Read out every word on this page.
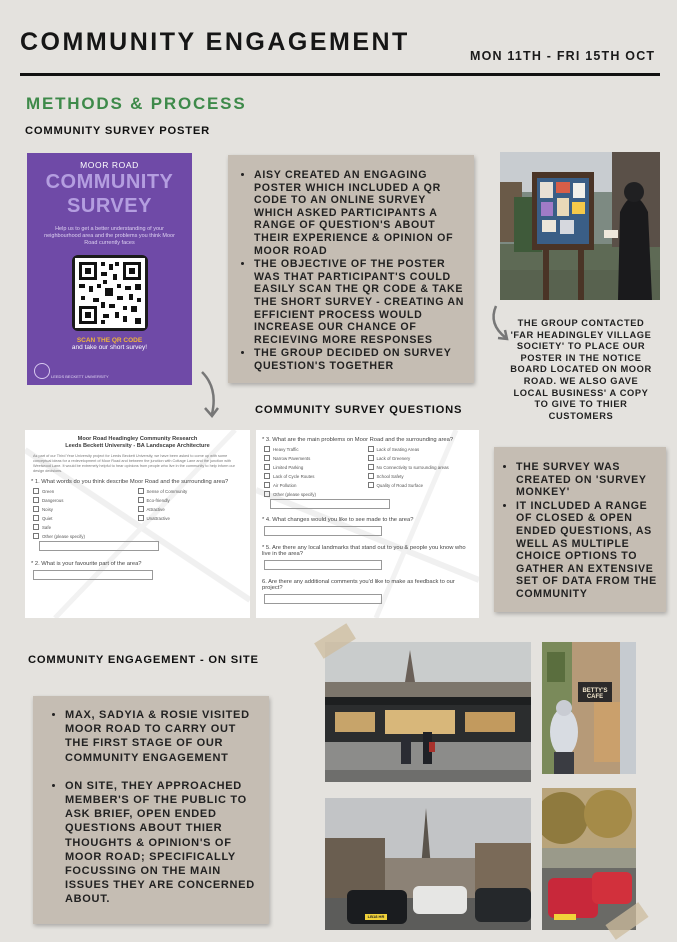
COMMUNITY ENGAGEMENT	MON 11TH - FRI 15TH OCT
METHODS & PROCESS
COMMUNITY SURVEY POSTER
MOOR ROAD
COMMUNITY
SURVEY
Help us to get a better understanding of your neighbourhood area and the problems you think Moor Road currently faces
SCAN THE QR CODE
and take our short survey!
LEEDS BECKETT UNIVERSITY
• AISY CREATED AN ENGAGING POSTER WHICH INCLUDED A QR CODE TO AN ONLINE SURVEY WHICH ASKED PARTICIPANTS A RANGE OF QUESTION'S ABOUT THEIR EXPERIENCE & OPINION OF MOOR ROAD
• THE OBJECTIVE OF THE POSTER WAS THAT PARTICIPANT'S COULD EASILY SCAN THE QR CODE & TAKE THE SHORT SURVEY - CREATING AN EFFICIENT PROCESS WOULD INCREASE OUR CHANCE OF RECIEVING MORE RESPONSES
• THE GROUP DECIDED ON SURVEY QUESTION'S TOGETHER
THE GROUP CONTACTED 'FAR HEADINGLEY VILLAGE SOCIETY' TO PLACE OUR POSTER IN THE NOTICE BOARD LOCATED ON MOOR ROAD. WE ALSO GAVE LOCAL BUSINESS' A COPY TO GIVE TO THIER CUSTOMERS
COMMUNITY SURVEY QUESTIONS
Moor Road Headingley Community Research
Leeds Beckett University - BA Landscape Architecture
As part of our Third Year University project for Leeds Beckett University, we have been asked to come up with some conceptual ideas for a redevelopment of Moor Road and between the junction with Cottage Lane and the junction with Weetwood Lane. It would be extremely helpful to hear opinions from people who live in the community to help inform our design decisions.
* 1. What words do you think describe Moor Road and the surrounding area?
Green	Sense of Community
Dangerous	Eco-friendly
Noisy	Attractive
Quiet	Unattractive
Safe
Other (please specify)
* 2. What is your favourite part of the area?
* 3. What are the main problems on Moor Road and the surrounding area?
Heavy Traffic	Lack of Seating Areas
Narrow Pavements	Lack of Greenery
Limited Parking	No Connectivity to surrounding areas
Lack of Cycle Routes	School Safety
Air Pollution	Quality of Road Surface
Other (please specify)
* 4. What changes would you like to see made to the area?
* 5. Are there any local landmarks that stand out to you & people you know who live in the area?
6. Are there any additional comments you'd like to make as feedback to our project?
• THE SURVEY WAS CREATED ON 'SURVEY MONKEY'
• IT INCLUDED A RANGE OF CLOSED & OPEN ENDED QUESTIONS, AS WELL AS MULTIPLE CHOICE OPTIONS TO GATHER AN EXTENSIVE SET OF DATA FROM THE COMMUNITY
COMMUNITY ENGAGEMENT - ON SITE
• MAX, SADYIA & ROSIE VISITED MOOR ROAD TO CARRY OUT THE FIRST STAGE OF OUR COMMUNITY ENGAGEMENT
• ON SITE, THEY APPROACHED MEMBER'S OF THE PUBLIC TO ASK BRIEF, OPEN ENDED QUESTIONS ABOUT THIER THOUGHTS & OPINION'S OF MOOR ROAD; SPECIFICALLY FOCUSSING ON THE MAIN ISSUES THEY ARE CONCERNED ABOUT.
BETTY'S CAFE
LB18 HR
